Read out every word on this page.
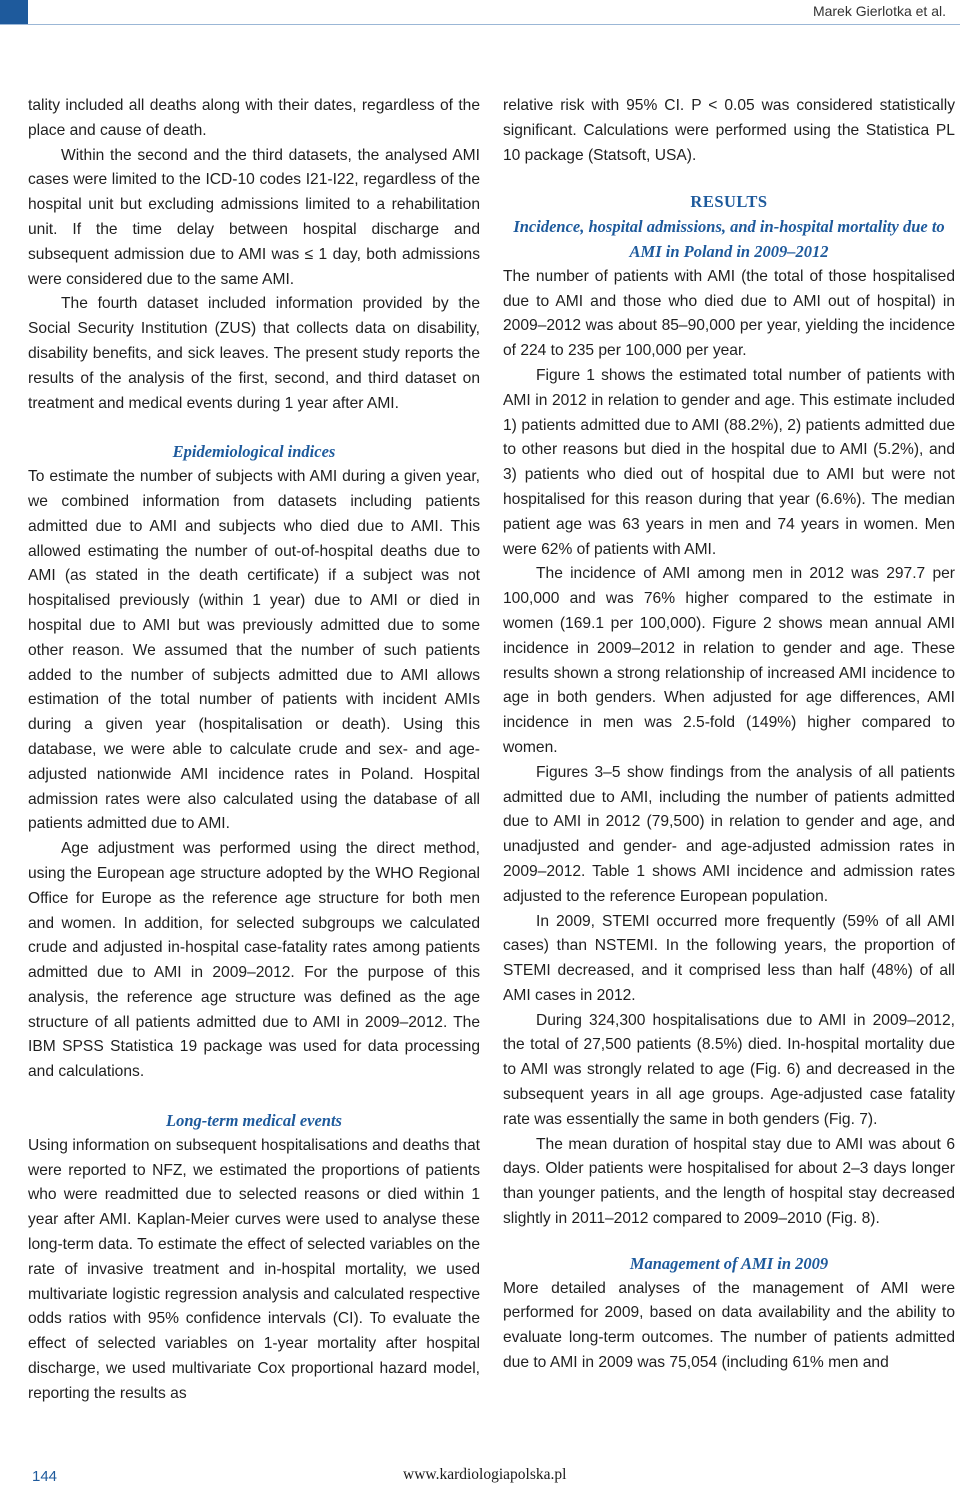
Marek Gierlotka et al.

tality included all deaths along with their dates, regardless of the place and cause of death.

Within the second and the third datasets, the analysed AMI cases were limited to the ICD-10 codes I21-I22, regardless of the hospital unit but excluding admissions limited to a rehabilitation unit. If the time delay between hospital discharge and subsequent admission due to AMI was ≤ 1 day, both admissions were considered due to the same AMI.

The fourth dataset included information provided by the Social Security Institution (ZUS) that collects data on disability, disability benefits, and sick leaves. The present study reports the results of the analysis of the first, second, and third dataset on treatment and medical events during 1 year after AMI.

Epidemiological indices

To estimate the number of subjects with AMI during a given year, we combined information from datasets including patients admitted due to AMI and subjects who died due to AMI. This allowed estimating the number of out-of-hospital deaths due to AMI (as stated in the death certificate) if a subject was not hospitalised previously (within 1 year) due to AMI or died in hospital due to AMI but was previously admitted due to some other reason. We assumed that the number of such patients added to the number of subjects admitted due to AMI allows estimation of the total number of patients with incident AMIs during a given year (hospitalisation or death). Using this database, we were able to calculate crude and sex- and age-adjusted nationwide AMI incidence rates in Poland. Hospital admission rates were also calculated using the database of all patients admitted due to AMI.

Age adjustment was performed using the direct method, using the European age structure adopted by the WHO Regional Office for Europe as the reference age structure for both men and women. In addition, for selected subgroups we calculated crude and adjusted in-hospital case-fatality rates among patients admitted due to AMI in 2009–2012. For the purpose of this analysis, the reference age structure was defined as the age structure of all patients admitted due to AMI in 2009–2012. The IBM SPSS Statistica 19 package was used for data processing and calculations.

Long-term medical events

Using information on subsequent hospitalisations and deaths that were reported to NFZ, we estimated the proportions of patients who were readmitted due to selected reasons or died within 1 year after AMI. Kaplan-Meier curves were used to analyse these long-term data. To estimate the effect of selected variables on the rate of invasive treatment and in-hospital mortality, we used multivariate logistic regression analysis and calculated respective odds ratios with 95% confidence intervals (CI). To evaluate the effect of selected variables on 1-year mortality after hospital discharge, we used multivariate Cox proportional hazard model, reporting the results as

relative risk with 95% CI. P < 0.05 was considered statistically significant. Calculations were performed using the Statistica PL 10 package (Statsoft, USA).

RESULTS
Incidence, hospital admissions, and in-hospital mortality due to AMI in Poland in 2009–2012

The number of patients with AMI (the total of those hospitalised due to AMI and those who died due to AMI out of hospital) in 2009–2012 was about 85–90,000 per year, yielding the incidence of 224 to 235 per 100,000 per year.

Figure 1 shows the estimated total number of patients with AMI in 2012 in relation to gender and age. This estimate included 1) patients admitted due to AMI (88.2%), 2) patients admitted due to other reasons but died in the hospital due to AMI (5.2%), and 3) patients who died out of hospital due to AMI but were not hospitalised for this reason during that year (6.6%). The median patient age was 63 years in men and 74 years in women. Men were 62% of patients with AMI.

The incidence of AMI among men in 2012 was 297.7 per 100,000 and was 76% higher compared to the estimate in women (169.1 per 100,000). Figure 2 shows mean annual AMI incidence in 2009–2012 in relation to gender and age. These results shown a strong relationship of increased AMI incidence to age in both genders. When adjusted for age differences, AMI incidence in men was 2.5-fold (149%) higher compared to women.

Figures 3–5 show findings from the analysis of all patients admitted due to AMI, including the number of patients admitted due to AMI in 2012 (79,500) in relation to gender and age, and unadjusted and gender- and age-adjusted admission rates in 2009–2012. Table 1 shows AMI incidence and admission rates adjusted to the reference European population.

In 2009, STEMI occurred more frequently (59% of all AMI cases) than NSTEMI. In the following years, the proportion of STEMI decreased, and it comprised less than half (48%) of all AMI cases in 2012.

During 324,300 hospitalisations due to AMI in 2009–2012, the total of 27,500 patients (8.5%) died. In-hospital mortality due to AMI was strongly related to age (Fig. 6) and decreased in the subsequent years in all age groups. Age-adjusted case fatality rate was essentially the same in both genders (Fig. 7).

The mean duration of hospital stay due to AMI was about 6 days. Older patients were hospitalised for about 2–3 days longer than younger patients, and the length of hospital stay decreased slightly in 2011–2012 compared to 2009–2010 (Fig. 8).

Management of AMI in 2009

More detailed analyses of the management of AMI were performed for 2009, based on data availability and the ability to evaluate long-term outcomes. The number of patients admitted due to AMI in 2009 was 75,054 (including 61% men and

144	www.kardiologiapolska.pl
